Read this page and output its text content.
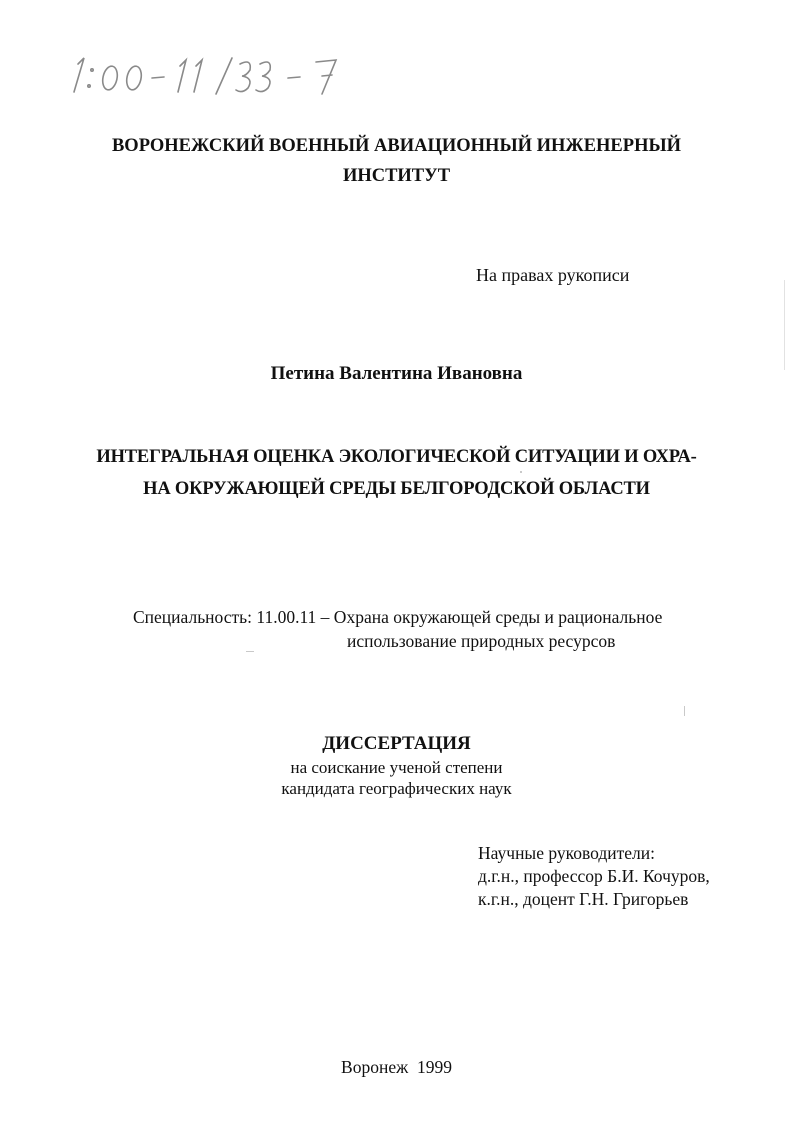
ВОРОНЕЖСКИЙ ВОЕННЫЙ АВИАЦИОННЫЙ ИНЖЕНЕРНЫЙ
ИНСТИТУТ
На правах рукописи
Петина Валентина Ивановна
ИНТЕГРАЛЬНАЯ ОЦЕНКА ЭКОЛОГИЧЕСКОЙ СИТУАЦИИ И ОХРА-
НА ОКРУЖАЮЩЕЙ СРЕДЫ БЕЛГОРОДСКОЙ ОБЛАСТИ
Специальность: 11.00.11 – Охрана окружающей среды и рациональное
использование природных ресурсов
ДИССЕРТАЦИЯ
на соискание ученой степени
кандидата географических наук
Научные руководители:
д.г.н., профессор Б.И. Кочуров,
к.г.н., доцент Г.Н. Григорьев
Воронеж  1999
